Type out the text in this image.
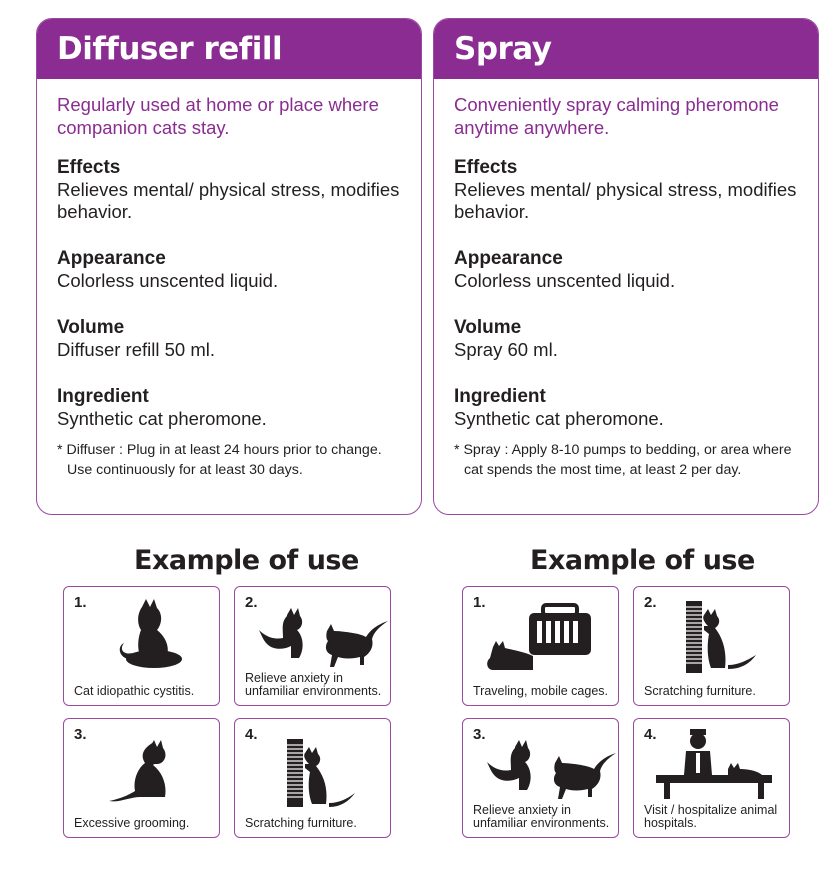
Diffuser refill

Regularly used at home or place where companion cats stay.

Effects

Relieves mental/ physical stress, modifies behavior.

Appearance

Colorless unscented liquid.

Volume

Diffuser refill 50 ml.

Ingredient

Synthetic cat pheromone.

* Diffuser : Plug in at least 24 hours prior to change. Use continuously for at least 30 days.

Spray

Conveniently spray calming pheromone anytime anywhere.

Effects

Relieves mental/ physical stress, modifies behavior.

Appearance

Colorless unscented liquid.

Volume

Spray 60 ml.

Ingredient

Synthetic cat pheromone.

* Spray : Apply 8-10 pumps to bedding, or area where cat spends the most time, at least 2 per day.

Example of use	Example of use
1.
Cat idiopathic cystitis.
2.
Relieve anxiety in unfamiliar environments.
3.
Excessive grooming.
4.
Scratching furniture.
1.
Traveling, mobile cages.
2.
Scratching furniture.
3.
Relieve anxiety in unfamiliar environments.
4.
Visit / hospitalize animal hospitals.
